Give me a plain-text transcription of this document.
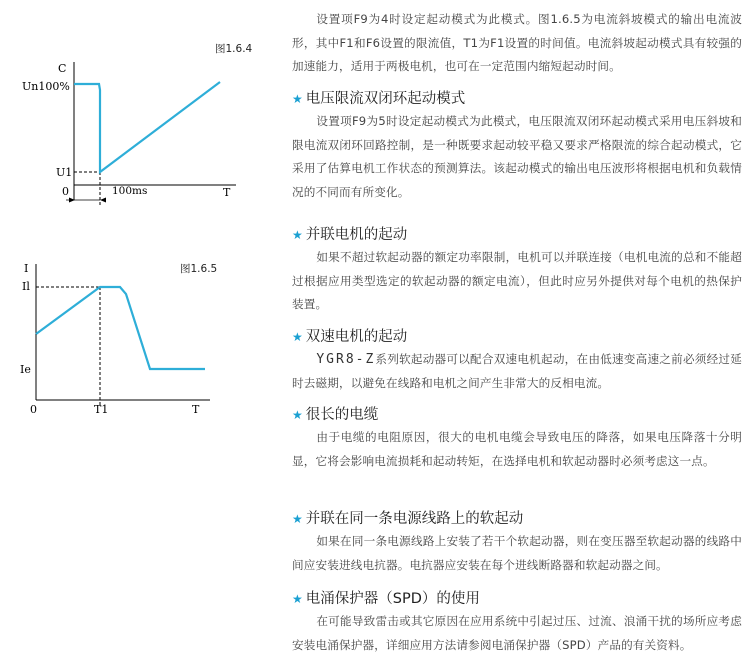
图1.6.4
C
Un100%
U1
0	T
100ms
图1.6.5
I
Il
Ie
0	T1	T

设置项F9为4时设定起动模式为此模式。图1.6.5为电流斜坡模式的输出电流波形，其中F1和F6设置的限流值，T1为F1设置的时间值。电流斜坡起动模式具有较强的加速能力，适用于两极电机，也可在一定范围内缩短起动时间。

★ 电压限流双闭环起动模式

设置项F9为5时设定起动模式为此模式，电压限流双闭环起动模式采用电压斜坡和限电流双闭环回路控制，是一种既要求起动较平稳又要求严格限流的综合起动模式，它采用了估算电机工作状态的预测算法。该起动模式的输出电压波形将根据电机和负载情况的不同而有所变化。

★ 并联电机的起动

如果不超过软起动器的额定功率限制，电机可以并联连接（电机电流的总和不能超过根据应用类型选定的软起动器的额定电流），但此时应另外提供对每个电机的热保护装置。

★ 双速电机的起动

YGR8-Z系列软起动器可以配合双速电机起动，在由低速变高速之前必须经过延时去磁期，以避免在线路和电机之间产生非常大的反相电流。

★ 很长的电缆

由于电缆的电阻原因，很大的电机电缆会导致电压的降落，如果电压降落十分明显，它将会影响电流损耗和起动转矩，在选择电机和软起动器时必须考虑这一点。

★ 并联在同一条电源线路上的软起动

如果在同一条电源线路上安装了若干个软起动器，则在变压器至软起动器的线路中间应安装进线电抗器。电抗器应安装在每个进线断路器和软起动器之间。

★ 电涌保护器（SPD）的使用

在可能导致雷击或其它原因在应用系统中引起过压、过流、浪涌干扰的场所应考虑安装电涌保护器，详细应用方法请参阅电涌保护器（SPD）产品的有关资料。
